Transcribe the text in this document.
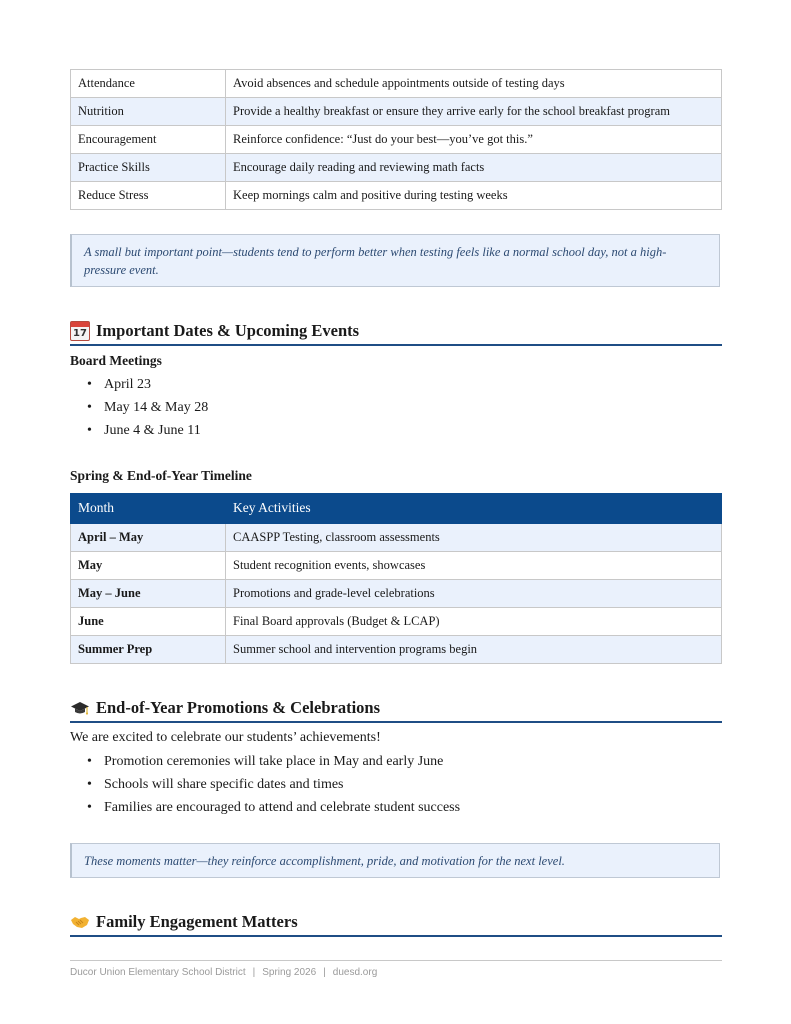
Attendance	Avoid absences and schedule appointments outside of testing days
Nutrition	Provide a healthy breakfast or ensure they arrive early for the school breakfast program
Encouragement	Reinforce confidence: “Just do your best—you’ve got this.”
Practice Skills	Encourage daily reading and reviewing math facts
Reduce Stress	Keep mornings calm and positive during testing weeks
A small but important point—students tend to perform better when testing feels like a normal school day, not a high-pressure event.
17 Important Dates & Upcoming Events
Board Meetings
• April 23
• May 14 & May 28
• June 4 & June 11
Spring & End-of-Year Timeline
Month	Key Activities
April – May	CAASPP Testing, classroom assessments
May	Student recognition events, showcases
May – June	Promotions and grade-level celebrations
June	Final Board approvals (Budget & LCAP)
Summer Prep	Summer school and intervention programs begin
End-of-Year Promotions & Celebrations
We are excited to celebrate our students’ achievements!
• Promotion ceremonies will take place in May and early June
• Schools will share specific dates and times
• Families are encouraged to attend and celebrate student success
These moments matter—they reinforce accomplishment, pride, and motivation for the next level.
Family Engagement Matters
Ducor Union Elementary School District | Spring 2026 | duesd.org
